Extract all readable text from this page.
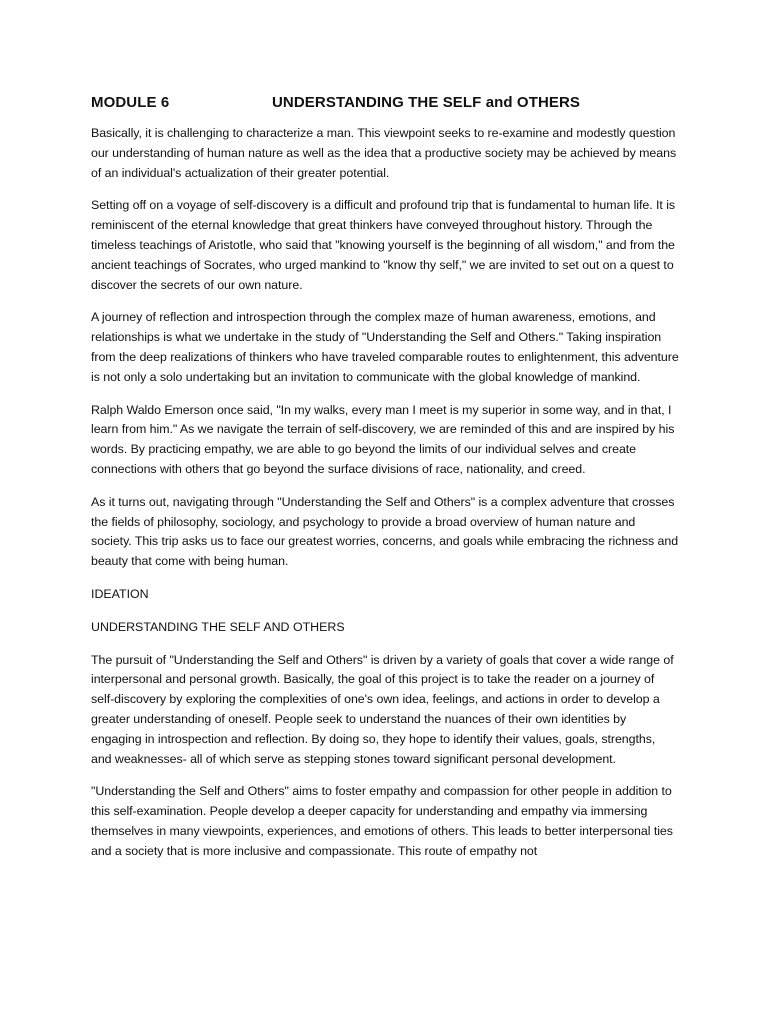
MODULE 6	UNDERSTANDING THE SELF and OTHERS

Basically, it is challenging to characterize a man. This viewpoint seeks to re-examine and modestly question our understanding of human nature as well as the idea that a productive society may be achieved by means of an individual's actualization of their greater potential.

Setting off on a voyage of self-discovery is a difficult and profound trip that is fundamental to human life. It is reminiscent of the eternal knowledge that great thinkers have conveyed throughout history. Through the timeless teachings of Aristotle, who said that "knowing yourself is the beginning of all wisdom," and from the ancient teachings of Socrates, who urged mankind to "know thy self," we are invited to set out on a quest to discover the secrets of our own nature.

A journey of reflection and introspection through the complex maze of human awareness, emotions, and relationships is what we undertake in the study of "Understanding the Self and Others." Taking inspiration from the deep realizations of thinkers who have traveled comparable routes to enlightenment, this adventure is not only a solo undertaking but an invitation to communicate with the global knowledge of mankind.

Ralph Waldo Emerson once said, "In my walks, every man I meet is my superior in some way, and in that, I learn from him." As we navigate the terrain of self-discovery, we are reminded of this and are inspired by his words. By practicing empathy, we are able to go beyond the limits of our individual selves and create connections with others that go beyond the surface divisions of race, nationality, and creed.

As it turns out, navigating through "Understanding the Self and Others" is a complex adventure that crosses the fields of philosophy, sociology, and psychology to provide a broad overview of human nature and society. This trip asks us to face our greatest worries, concerns, and goals while embracing the richness and beauty that come with being human.

IDEATION

UNDERSTANDING THE SELF AND OTHERS

The pursuit of "Understanding the Self and Others" is driven by a variety of goals that cover a wide range of interpersonal and personal growth. Basically, the goal of this project is to take the reader on a journey of self-discovery by exploring the complexities of one's own idea, feelings, and actions in order to develop a greater understanding of oneself. People seek to understand the nuances of their own identities by engaging in introspection and reflection. By doing so, they hope to identify their values, goals, strengths, and weaknesses- all of which serve as stepping stones toward significant personal development.

"Understanding the Self and Others" aims to foster empathy and compassion for other people in addition to this self-examination. People develop a deeper capacity for understanding and empathy via immersing themselves in many viewpoints, experiences, and emotions of others. This leads to better interpersonal ties and a society that is more inclusive and compassionate. This route of empathy not
